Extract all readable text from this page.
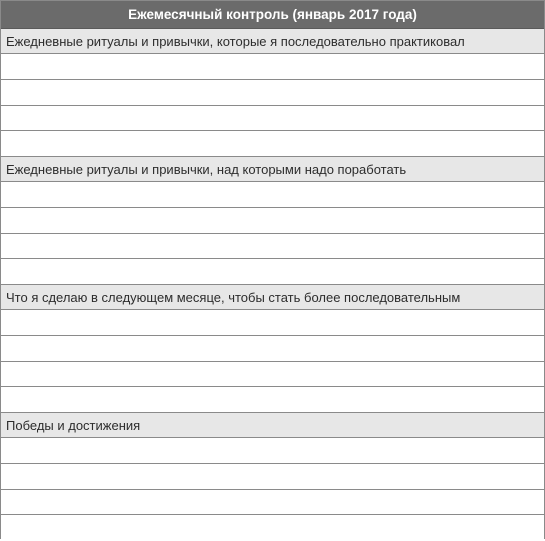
Ежемесячный контроль (январь 2017 года)
Ежедневные ритуалы и привычки, которые я последовательно практиковал
Ежедневные ритуалы и привычки, над которыми надо поработать
Что я сделаю в следующем месяце, чтобы стать более последовательным
Победы и достижения
